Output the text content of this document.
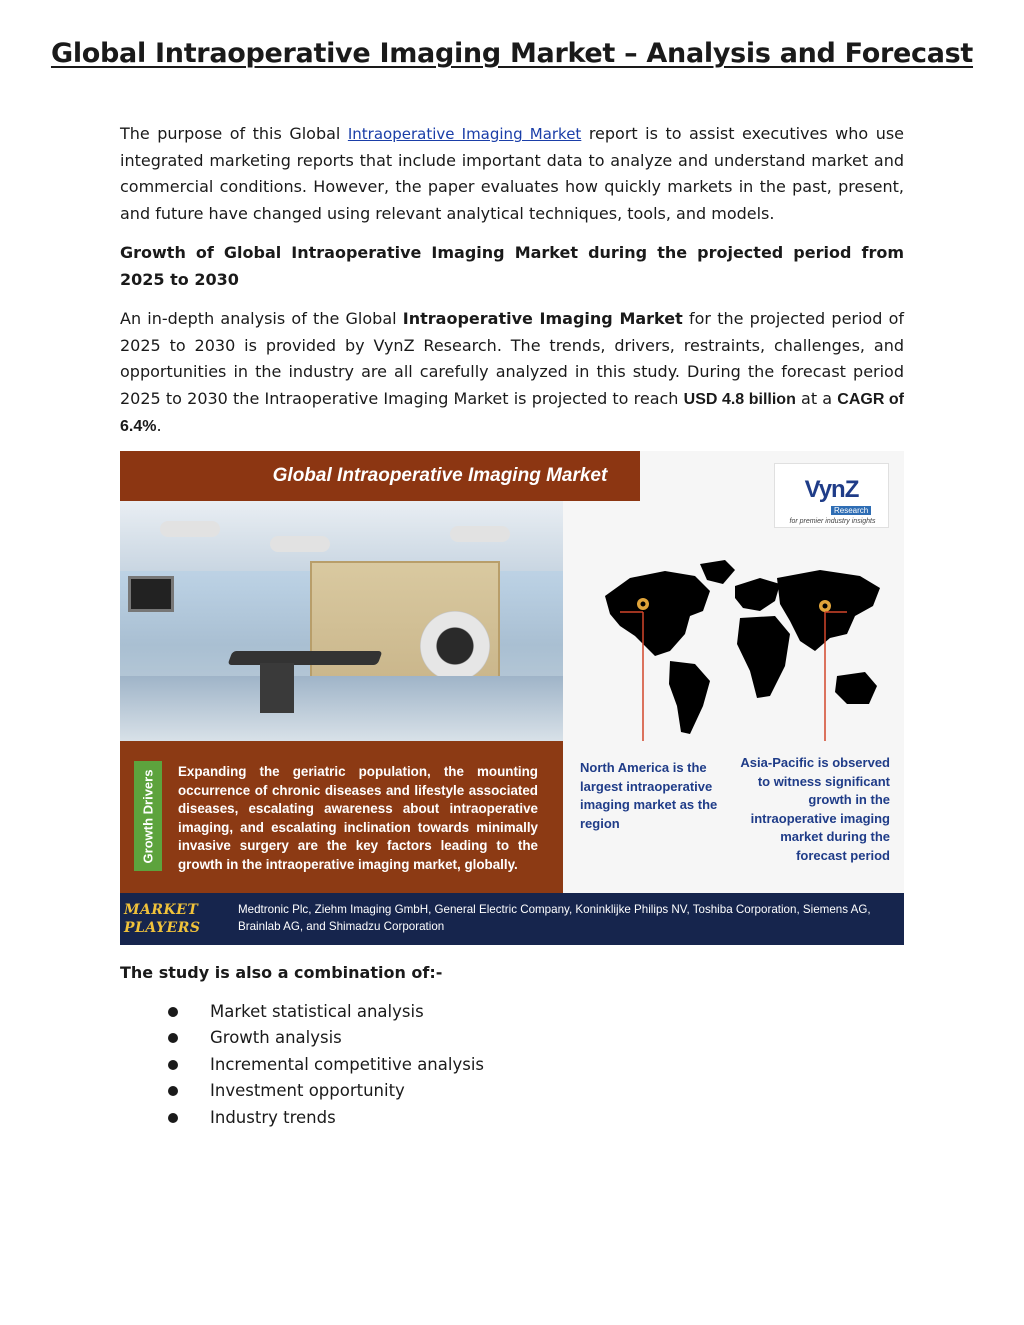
Global Intraoperative Imaging Market – Analysis and Forecast

The purpose of this Global Intraoperative Imaging Market report is to assist executives who use integrated marketing reports that include important data to analyze and understand market and commercial conditions. However, the paper evaluates how quickly markets in the past, present, and future have changed using relevant analytical techniques, tools, and models.

Growth of Global Intraoperative Imaging Market during the projected period from 2025 to 2030

An in-depth analysis of the Global Intraoperative Imaging Market for the projected period of 2025 to 2030 is provided by VynZ Research. The trends, drivers, restraints, challenges, and opportunities in the industry are all carefully analyzed in this study. During the forecast period 2025 to 2030 the Intraoperative Imaging Market is projected to reach USD 4.8 billion at a CAGR of 6.4%.

Global Intraoperative Imaging Market
Growth Drivers Expanding the geriatric population, the mounting occurrence of chronic diseases and lifestyle associated diseases, escalating awareness about intraoperative imaging, and escalating inclination towards minimally invasive surgery are the key factors leading to the growth in the intraoperative imaging market, globally.

VynZ
Research
for premier industry insights
North America is the largest intraoperative imaging market as the region
Asia-Pacific is observed to witness significant growth in the intraoperative imaging market during the forecast period
MARKET
PLAYERS
Medtronic Plc, Ziehm Imaging GmbH, General Electric Company, Koninklijke Philips NV, Toshiba Corporation, Siemens AG, Brainlab AG, and Shimadzu Corporation
The study is also a combination of:-
Market statistical analysis
Growth analysis
Incremental competitive analysis
Investment opportunity
Industry trends
